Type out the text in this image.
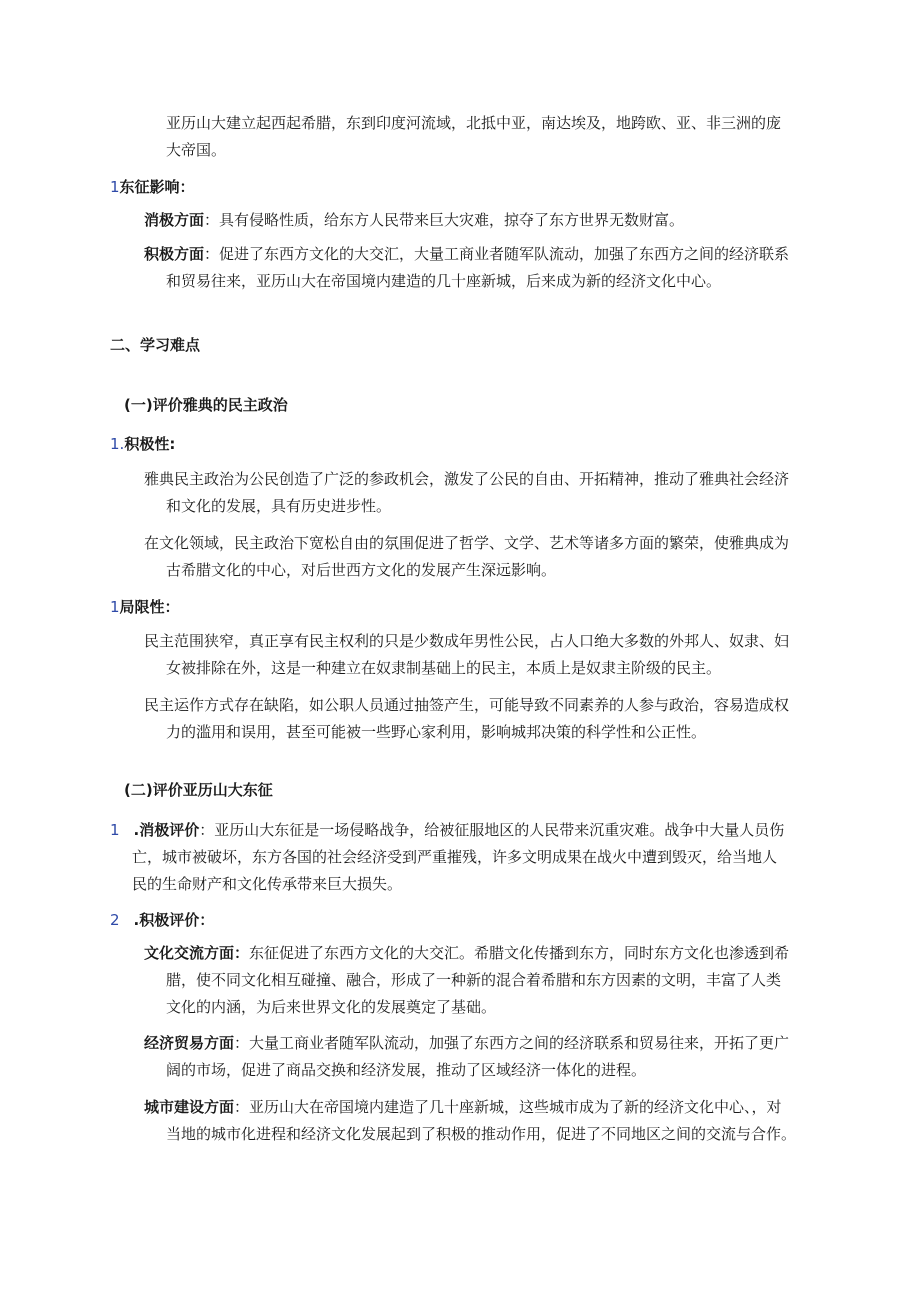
亚历山大建立起西起希腊，东到印度河流域，北抵中亚，南达埃及，地跨欧、亚、非三洲的庞
大帝国。
1东征影响：
消极方面：具有侵略性质，给东方人民带来巨大灾难，掠夺了东方世界无数财富。
积极方面：促进了东西方文化的大交汇，大量工商业者随军队流动，加强了东西方之间的经济联系
和贸易往来，亚历山大在帝国境内建造的几十座新城，后来成为新的经济文化中心。
二、学习难点
(一)评价雅典的民主政治
1.积极性:
雅典民主政治为公民创造了广泛的参政机会，激发了公民的自由、开拓精神，推动了雅典社会经济
和文化的发展，具有历史进步性。
在文化领域，民主政治下宽松自由的氛围促进了哲学、文学、艺术等诸多方面的繁荣，使雅典成为
古希腊文化的中心，对后世西方文化的发展产生深远影响。
1局限性：
民主范围狭窄，真正享有民主权利的只是少数成年男性公民，占人口绝大多数的外邦人、奴隶、妇
女被排除在外，这是一种建立在奴隶制基础上的民主，本质上是奴隶主阶级的民主。
民主运作方式存在缺陷，如公职人员通过抽签产生，可能导致不同素养的人参与政治，容易造成权
力的滥用和误用，甚至可能被一些野心家利用，影响城邦决策的科学性和公正性。
(二)评价亚历山大东征
1 .消极评价：亚历山大东征是一场侵略战争，给被征服地区的人民带来沉重灾难。战争中大量人员伤
亡，城市被破坏，东方各国的社会经济受到严重摧残，许多文明成果在战火中遭到毁灭，给当地人
民的生命财产和文化传承带来巨大损失。
2 .积极评价：
文化交流方面：东征促进了东西方文化的大交汇。希腊文化传播到东方，同时东方文化也渗透到希
腊，使不同文化相互碰撞、融合，形成了一种新的混合着希腊和东方因素的文明，丰富了人类
文化的内涵，为后来世界文化的发展奠定了基础。
经济贸易方面：大量工商业者随军队流动，加强了东西方之间的经济联系和贸易往来，开拓了更广
阔的市场，促进了商品交换和经济发展，推动了区域经济一体化的进程。
城市建设方面：亚历山大在帝国境内建造了几十座新城，这些城市成为了新的经济文化中心、，对
当地的城市化进程和经济文化发展起到了积极的推动作用，促进了不同地区之间的交流与合作。
